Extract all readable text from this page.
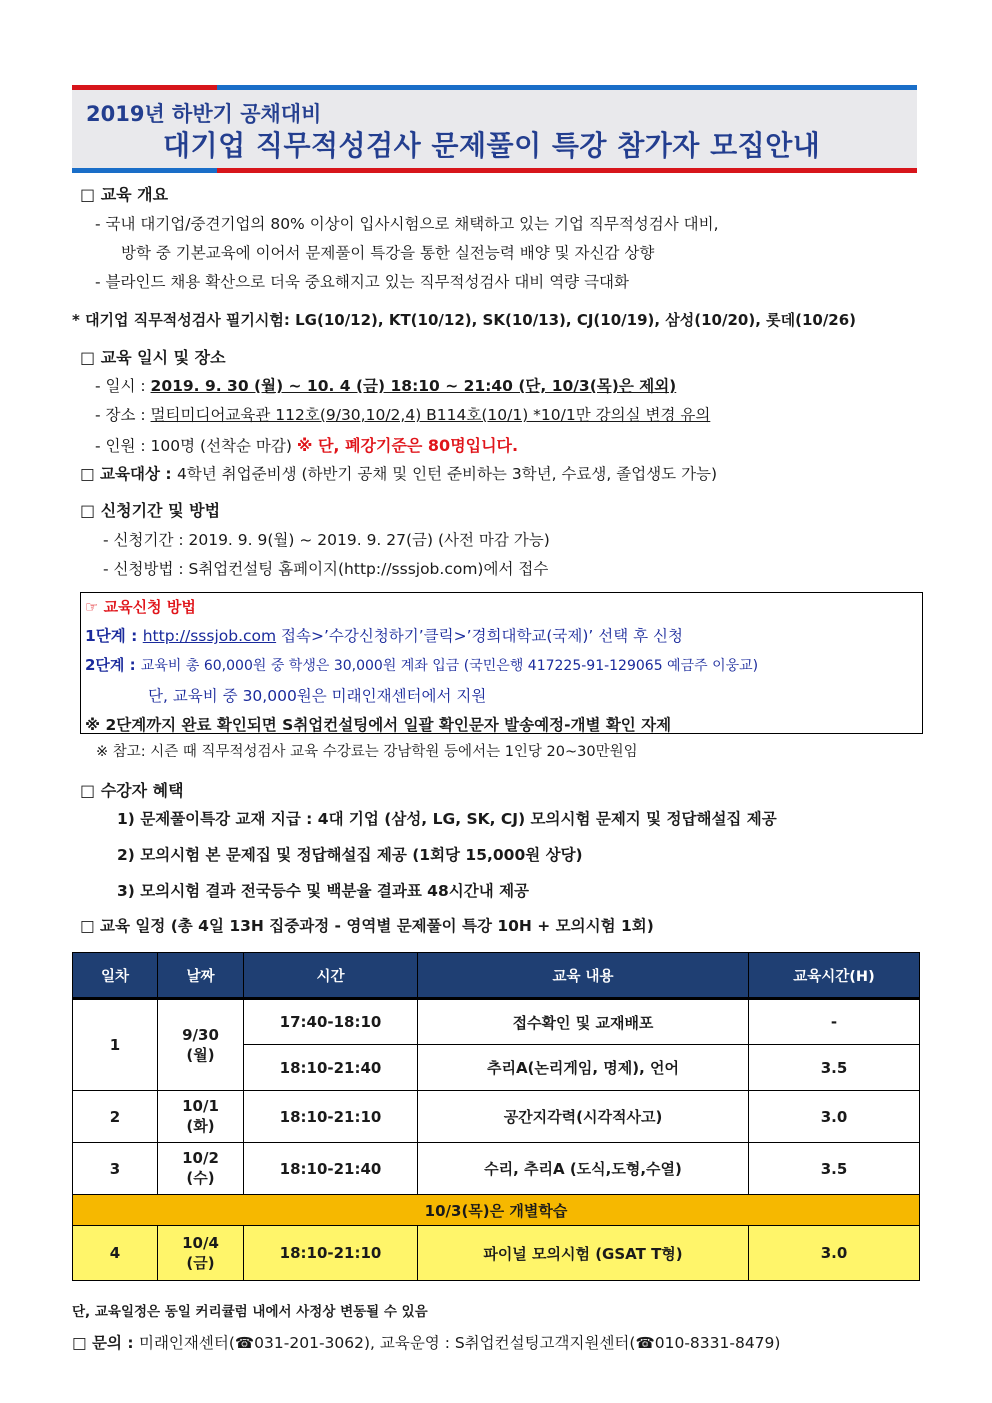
2019년 하반기 공채대비
대기업 직무적성검사 문제풀이 특강 참가자 모집안내
□ 교육 개요
- 국내 대기업/중견기업의 80% 이상이 입사시험으로 채택하고 있는 기업 직무적성검사 대비,
방학 중 기본교육에 이어서 문제풀이 특강을 통한 실전능력 배양 및 자신감 상향
- 블라인드 채용 확산으로 더욱 중요해지고 있는 직무적성검사 대비 역량 극대화
* 대기업 직무적성검사 필기시험: LG(10/12), KT(10/12), SK(10/13), CJ(10/19), 삼성(10/20), 롯데(10/26)
□ 교육 일시 및 장소
- 일시 : 2019. 9. 30 (월) ~ 10. 4 (금) 18:10 ~ 21:40 (단, 10/3(목)은 제외)
- 장소 : 멀티미디어교육관 112호(9/30,10/2,4) B114호(10/1) *10/1만 강의실 변경 유의
- 인원 : 100명 (선착순 마감) ※ 단, 폐강기준은 80명입니다.
□ 교육대상 : 4학년 취업준비생 (하반기 공채 및 인턴 준비하는 3학년, 수료생, 졸업생도 가능)
□ 신청기간 및 방법
- 신청기간 : 2019. 9. 9(월) ~ 2019. 9. 27(금) (사전 마감 가능)
- 신청방법 : S취업컨설팅 홈페이지(http://sssjob.com)에서 접수
☞ 교육신청 방법
1단계 : http://sssjob.com 접속>’수강신청하기’클릭>’경희대학교(국제)’ 선택 후 신청
2단계 : 교육비 총 60,000원 중 학생은 30,000원 계좌 입금 (국민은행 417225-91-129065 예금주 이웅교)
단, 교육비 중 30,000원은 미래인재센터에서 지원
※ 2단계까지 완료 확인되면 S취업컨설팅에서 일괄 확인문자 발송예정-개별 확인 자제
※ 참고: 시즌 때 직무적성검사 교육 수강료는 강남학원 등에서는 1인당 20~30만원임
□ 수강자 혜택
1) 문제풀이특강 교재 지급 : 4대 기업 (삼성, LG, SK, CJ) 모의시험 문제지 및 정답해설집 제공
2) 모의시험 본 문제집 및 정답해설집 제공 (1회당 15,000원 상당)
3) 모의시험 결과 전국등수 및 백분율 결과표 48시간내 제공
□ 교육 일정 (총 4일 13H 집중과정 - 영역별 문제풀이 특강 10H + 모의시험 1회)
일차	날짜	시간	교육 내용	교육시간(H)
1	9/30
(월)	17:40-18:10	접수확인 및 교재배포	-
		18:10-21:40	추리A(논리게임, 명제), 언어	3.5
2	10/1
(화)	18:10-21:10	공간지각력(시각적사고)	3.0
3	10/2
(수)	18:10-21:40	수리, 추리A (도식,도형,수열)	3.5
10/3(목)은 개별학습				
4	10/4
(금)	18:10-21:10	파이널 모의시험 (GSAT T형)	3.0
단, 교육일정은 동일 커리큘럼 내에서 사정상 변동될 수 있음
□ 문의 : 미래인재센터(☎031-201-3062), 교육운영 : S취업컨설팅고객지원센터(☎010-8331-8479)
